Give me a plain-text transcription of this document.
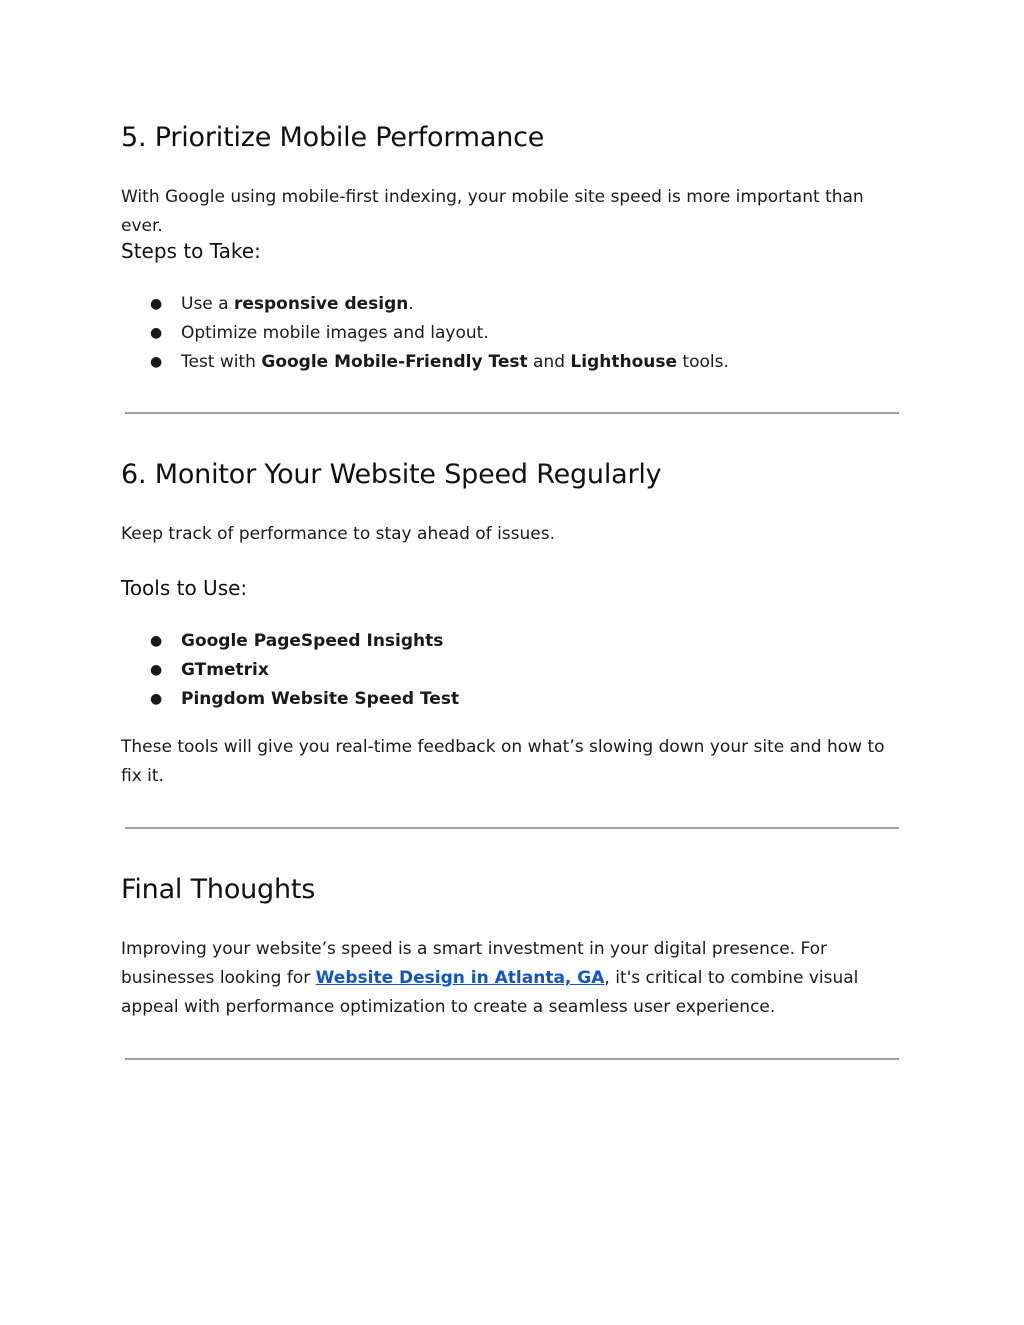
5. Prioritize Mobile Performance

With Google using mobile-first indexing, your mobile site speed is more important than ever.

Steps to Take:
● Use a responsive design.
● Optimize mobile images and layout.
● Test with Google Mobile-Friendly Test and Lighthouse tools.
6. Monitor Your Website Speed Regularly

Keep track of performance to stay ahead of issues.

Tools to Use:
● Google PageSpeed Insights
● GTmetrix
● Pingdom Website Speed Test

These tools will give you real-time feedback on what’s slowing down your site and how to fix it.

Final Thoughts

Improving your website’s speed is a smart investment in your digital presence. For businesses looking for Website Design in Atlanta, GA, it's critical to combine visual appeal with performance optimization to create a seamless user experience.
